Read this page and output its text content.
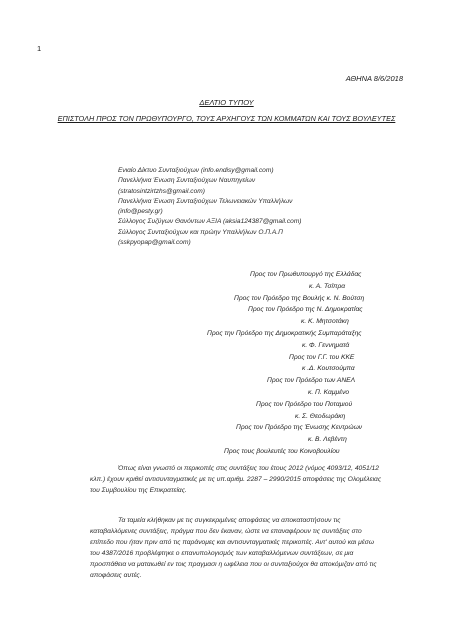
1
ΑΘΗΝΑ 8/6/2018
ΔΕΛΤΙΟ ΤΥΠΟΥ
ΕΠΙΣΤΟΛΗ ΠΡΟΣ ΤΟΝ ΠΡΩΘΥΠΟΥΡΓΟ, ΤΟΥΣ ΑΡΧΗΓΟΥΣ ΤΩΝ ΚΟΜΜΑΤΩΝ ΚΑΙ ΤΟΥΣ ΒΟΥΛΕΥΤΕΣ
Ενιαίο Δίκτυο Συνταξιούχων (info.endisy@gmail.com)
Πανελλήνια Ένωση Συνταξιούχων Ναυπηγείων
(stratosintzirtzhs@gmail.com)
Πανελλήνια Ένωση Συνταξιούχων Τελωνειακών Υπαλλήλων
(info@pesty.gr)
Σύλλογος Συζύγων Θανόντων ΑΞΙΑ (aksia124387@gmail.com)
Σύλλογος Συνταξιούχων και πρώην Υπαλλήλων Ο.Π.Α.Π
(sskpyopap@gmail.com)
Προς τον Πρωθυπουργό της Ελλάδας
κ. Α. Τσίπρα
Προς τον Πρόεδρο της Βουλής κ. Ν. Βούτση
Προς τον Πρόεδρο της Ν. Δημοκρατίας
κ. Κ. Μητσοτάκη
Προς την Πρόεδρο της Δημοκρατικής Συμπαράταξης
κ. Φ. Γεννηματά
Προς τον Γ.Γ. του ΚΚΕ
κ .Δ. Κουτσούμπα
Προς τον Πρόεδρο των ΑΝΕΛ
κ. Π. Καμμένο
Προς τον Πρόεδρο του Ποταμιού
κ. Σ. Θεοδωράκη
Προς τον Πρόεδρο της Ένωσης Κεντρώων
κ. Β. Λεβέντη
Προς τους βουλευτές του Κοινοβουλίου
Όπως είναι γνωστό οι περικοπές στις συντάξεις του έτους 2012 (νόμος 4093/12, 4051/12
κλπ.) έχουν κριθεί αντισυνταγματικές με τις υπ.αριθμ. 2287 – 2990/2015 αποφάσεις της Ολομέλειας
του Συμβουλίου της Επικρατείας.
Τα ταμεία κλήθηκαν με τις συγκεκριμένες αποφάσεις να αποκαταστήσουν τις
καταβαλλόμενες συντάξεις, πράγμα που δεν έκαναν, ώστε να επαναφέρουν τις συντάξεις στο
επίπεδο που ήταν πριν από τις παράνομες και αντισυνταγματικές περικοπές. Αντ' αυτού και μέσω
του 4387/2016 προβλέφτηκε ο επανυπολογισμός των καταβαλλόμενων συντάξεων, σε μια
προσπάθεια να ματαιωθεί εν τοις πραγμασι η ωφέλεια που οι συνταξιούχοι θα αποκόμιζαν από τις
αποφάσεις αυτές.
